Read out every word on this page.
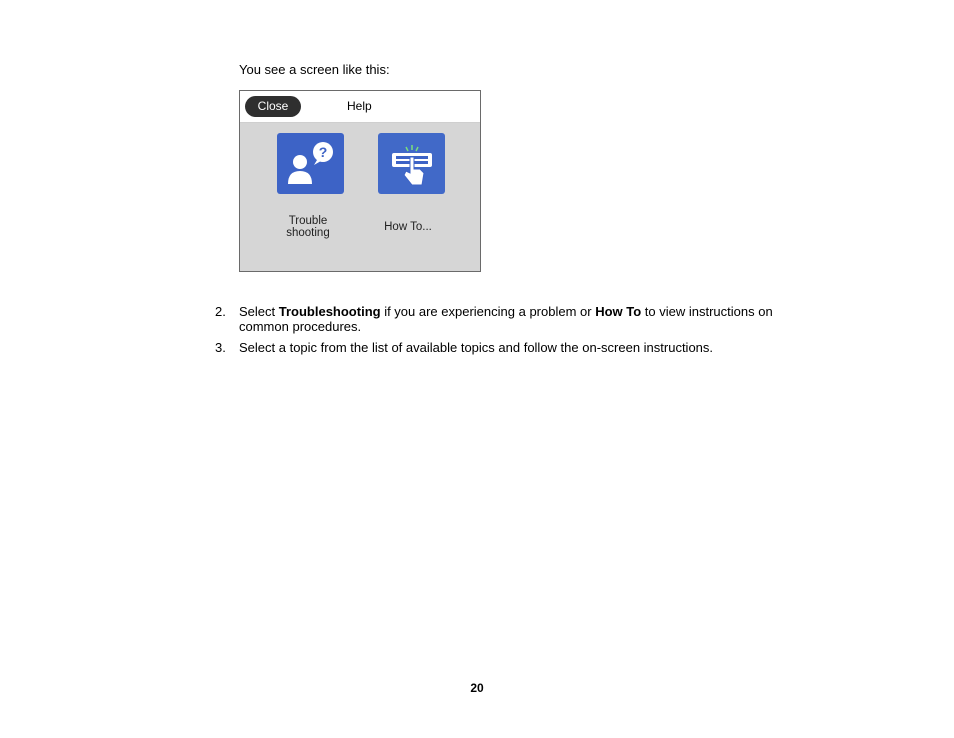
You see a screen like this:
Close	Help
?
Trouble
shooting	How To...
2. Select Troubleshooting if you are experiencing a problem or How To to view instructions on
common procedures.
3. Select a topic from the list of available topics and follow the on-screen instructions.
20
